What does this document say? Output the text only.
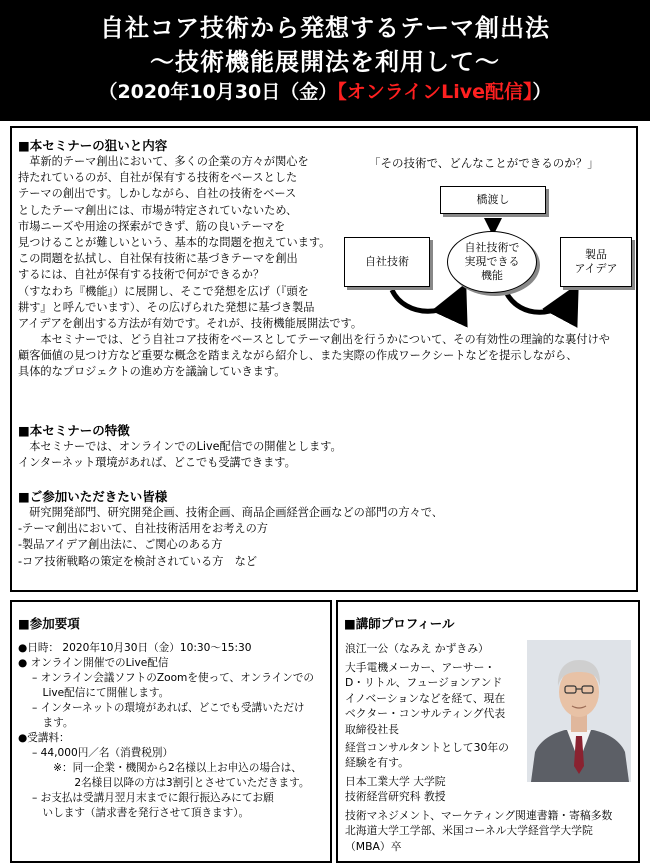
自社コア技術から発想するテーマ創出法
～技術機能展開法を利用して～
（2020年10月30日（金）【オンラインLive配信】）
■本セミナーの狙いと内容
　革新的テーマ創出において、多くの企業の方々が関心を
持たれているのが、自社が保有する技術をベースとした
テーマの創出です。しかしながら、自社の技術をベース
としたテーマ創出には、市場が特定されていないため、
市場ニーズや用途の探索ができず、筋の良いテーマを
見つけることが難しいという、基本的な問題を抱えています。
この問題を払拭し、自社保有技術に基づきテーマを創出
するには、自社が保有する技術で何ができるか？
（すなわち『機能』）に展開し、そこで発想を広げ（『頭を
耕す』と呼んでいます）、その広げられた発想に基づき製品
アイデアを創出する方法が有効です。それが、技術機能展開法です。
　　本セミナーでは、どう自社コア技術をベースとしてテーマ創出を行うかについて、その有効性の理論的な裏付けや
顧客価値の見つけ方など重要な概念を踏まえながら紹介し、また実際の作成ワークシートなどを提示しながら、
具体的なプロジェクトの進め方を議論していきます。
「その技術で、どんなことができるのか？」
橋渡し
自社技術
自社技術で
実現できる
機能
製品
アイデア
■本セミナーの特徴
　本セミナーでは、オンラインでのLive配信での開催とします。
インターネット環境があれば、どこでも受講できます。
■ご参加いただきたい皆様
　研究開発部門、研究開発企画、技術企画、商品企画経営企画などの部門の方々で、
-テーマ創出において、自社技術活用をお考えの方
-製品アイデア創出法に、ご関心のある方
-コア技術戦略の策定を検討されている方　など
■参加要項
●日時： 2020年10月30日（金）10:30～15:30
● オンライン開催でのLive配信
　 – オンライン会議ソフトのZoomを使って、オンラインでの
　　 Live配信にて開催します。
　 – インターネットの環境があれば、どこでも受講いただけ
　　 ます。
●受講料：
　 – 44,000円／名（消費税別）
　　　 ※：同一企業・機関から2名様以上お申込の場合は、
　　　　　 2名様目以降の方は3割引とさせていただきます。
　 – お支払は受講月翌月末までに銀行振込みにてお願
　　 いします（請求書を発行させて頂きます）。
■講師プロフィール
浪江一公（なみえ かずきみ）
大手電機メーカー、アーサー・
D・リトル、フュージョンアンド
イノベーションなどを経て、現在
ベクター・コンサルティング代表
取締役社長
経営コンサルタントとして30年の
経験を有す。
日本工業大学 大学院
技術経営研究科 教授
技術マネジメント、マーケティング関連書籍・寄稿多数
北海道大学工学部、米国コーネル大学経営学大学院
（MBA）卒
